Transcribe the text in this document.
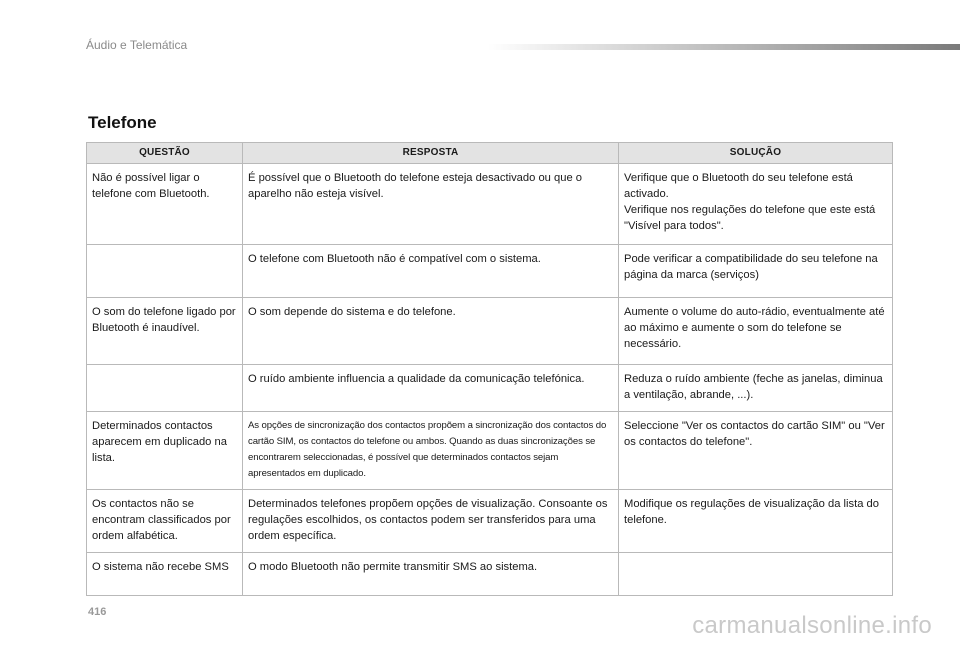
Áudio e Telemática
Telefone
QUESTÃO	RESPOSTA	SOLUÇÃO
Não é possível ligar o telefone com Bluetooth.	É possível que o Bluetooth do telefone esteja desactivado ou que o aparelho não esteja visível.	Verifique que o Bluetooth do seu telefone está activado.
Verifique nos regulações do telefone que este está "Visível para todos".
	O telefone com Bluetooth não é compatível com o sistema.	Pode verificar a compatibilidade do seu telefone na página da marca (serviços)
O som do telefone ligado por Bluetooth é inaudível.	O som depende do sistema e do telefone.	Aumente o volume do auto-rádio, eventualmente até ao máximo e aumente o som do telefone se necessário.
	O ruído ambiente influencia a qualidade da comunicação telefónica.	Reduza o ruído ambiente (feche as janelas, diminua a ventilação, abrande, ...).
Determinados contactos aparecem em duplicado na lista.	As opções de sincronização dos contactos propõem a sincronização dos contactos do cartão SIM, os contactos do telefone ou ambos. Quando as duas sincronizações se encontrarem seleccionadas, é possível que determinados contactos sejam apresentados em duplicado.	Seleccione "Ver os contactos do cartão SIM" ou "Ver os contactos do telefone".
Os contactos não se encontram classificados por ordem alfabética.	Determinados telefones propõem opções de visualização. Consoante os regulações escolhidos, os contactos podem ser transferidos para uma ordem específica.	Modifique os regulações de visualização da lista do telefone.
O sistema não recebe SMS	O modo Bluetooth não permite transmitir SMS ao sistema.	
416	carmanualsonline.info
